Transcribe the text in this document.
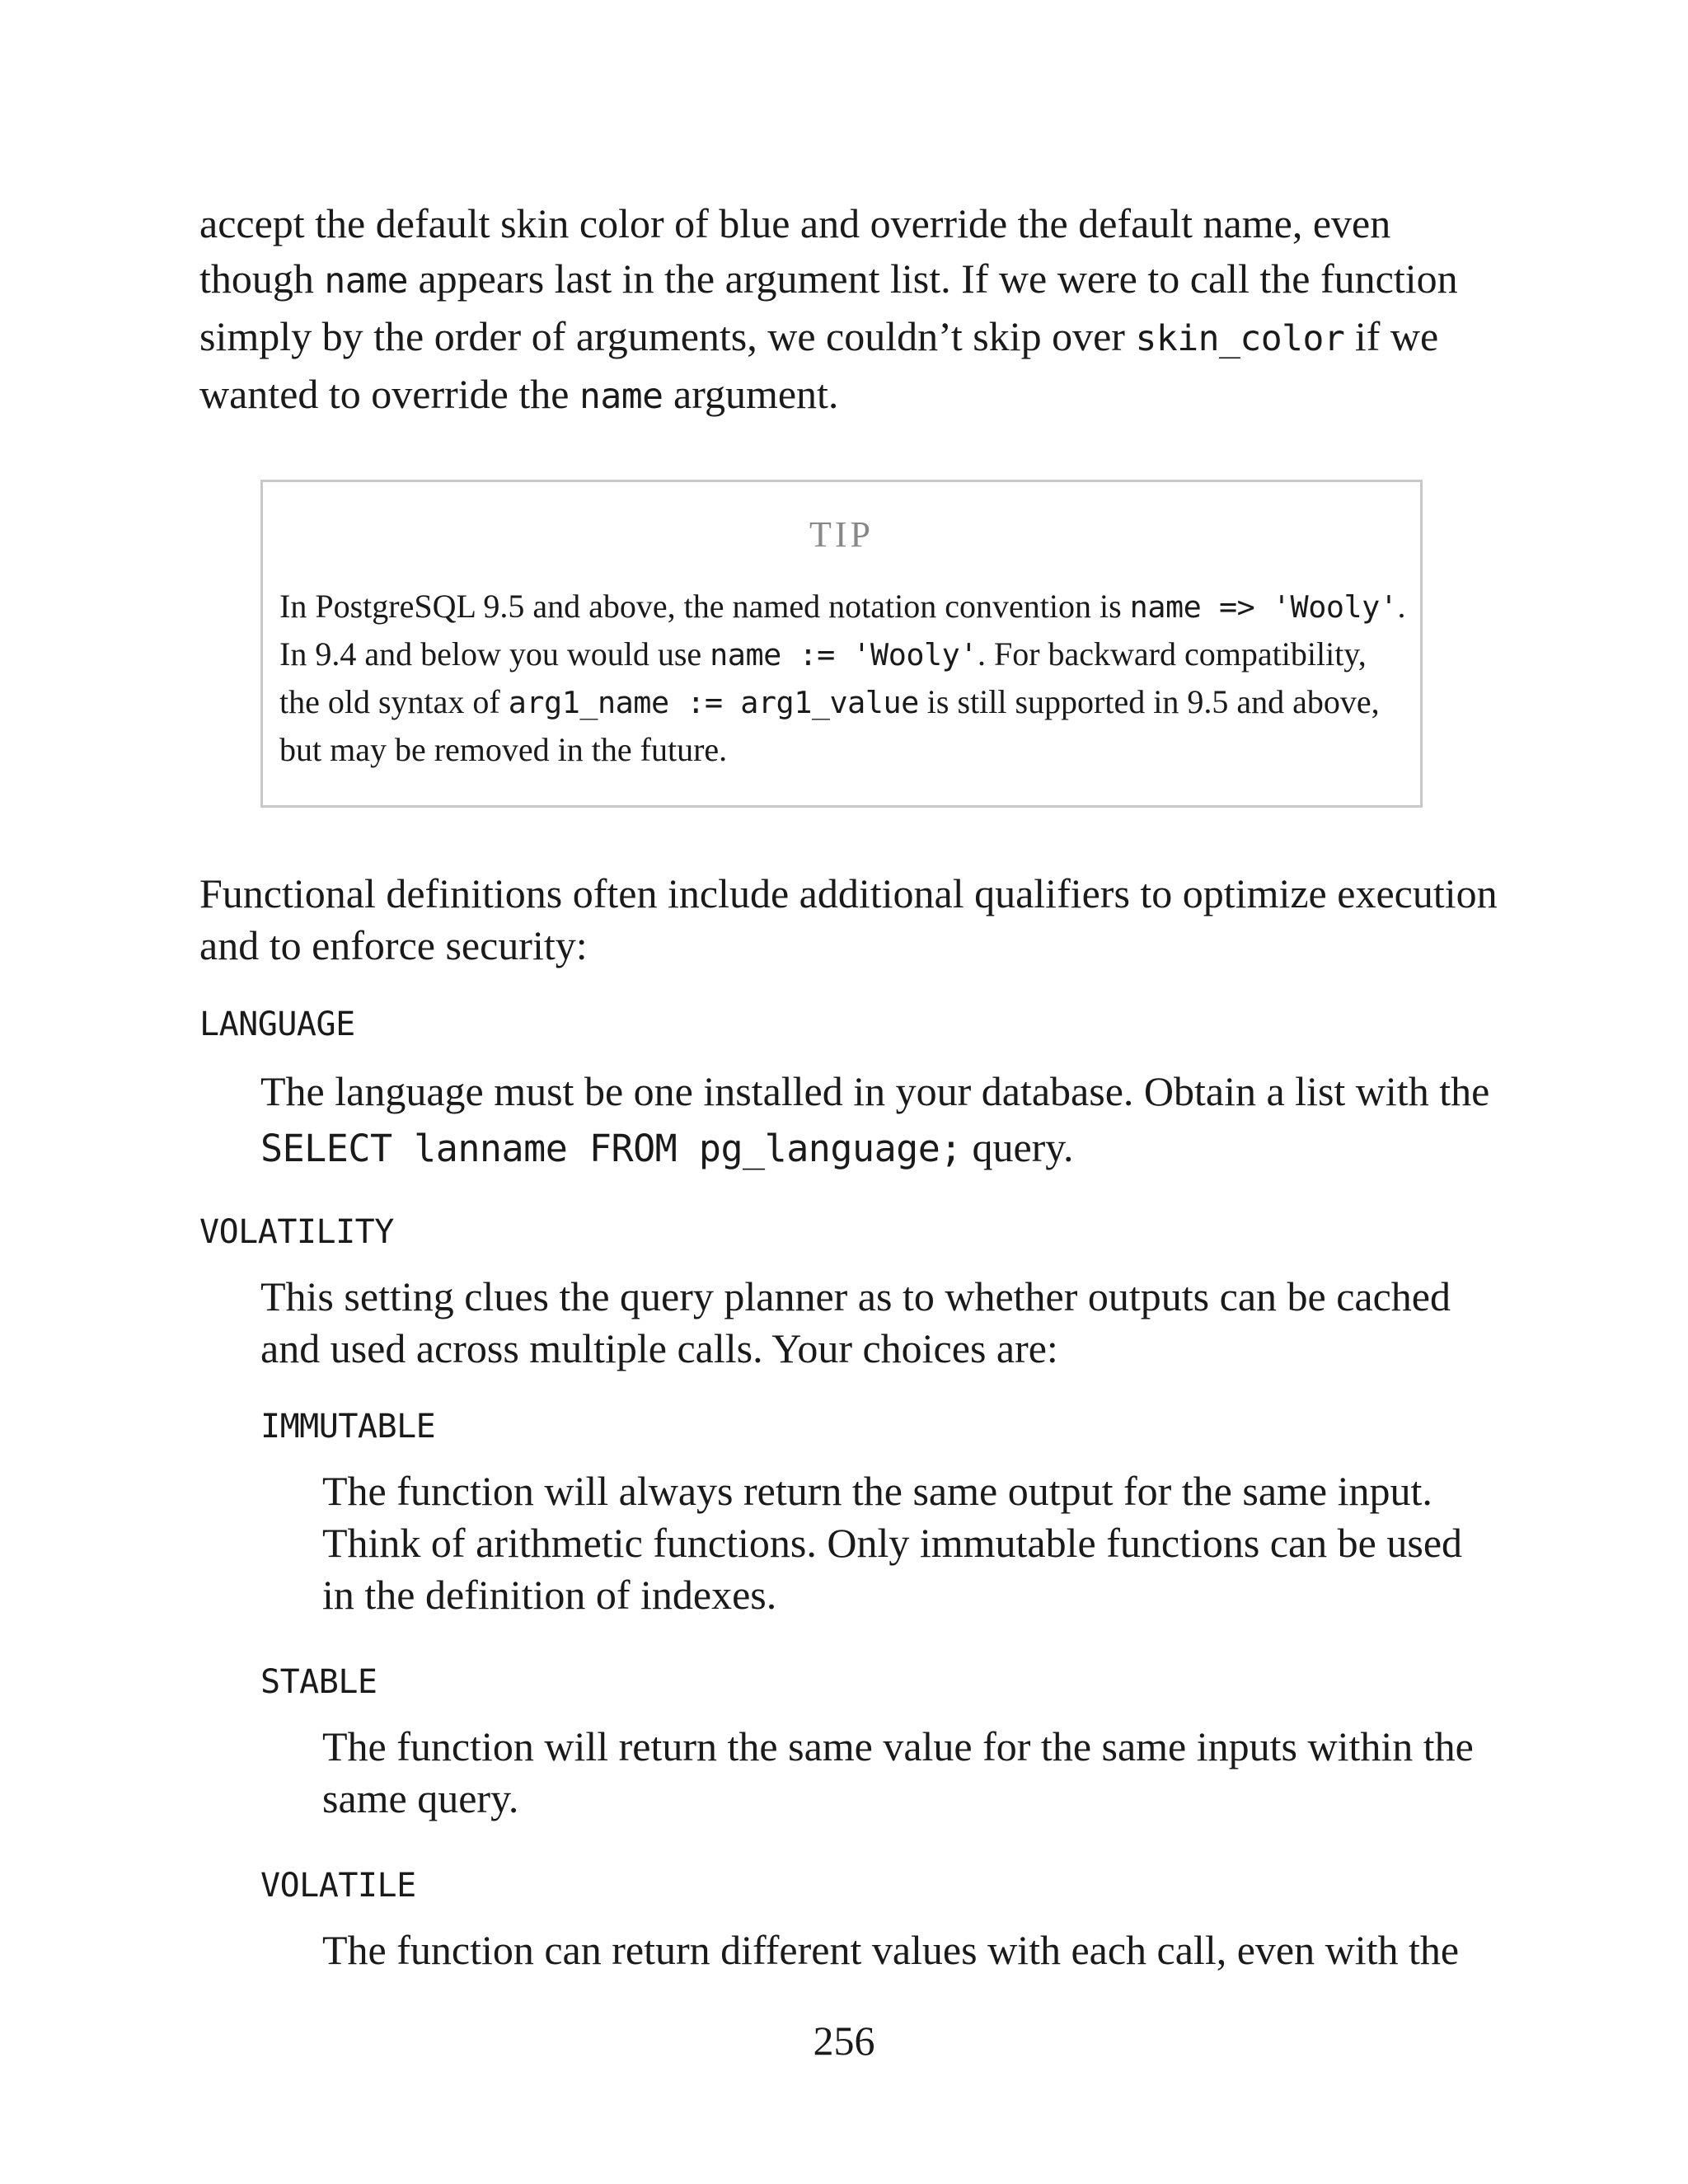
accept the default skin color of blue and override the default name, even though name appears last in the argument list. If we were to call the function simply by the order of arguments, we couldn’t skip over skin_color if we wanted to override the name argument.

TIP

In PostgreSQL 9.5 and above, the named notation convention is name => 'Wooly'. In 9.4 and below you would use name := 'Wooly'. For backward compatibility, the old syntax of arg1_name := arg1_value is still supported in 9.5 and above, but may be removed in the future.

Functional definitions often include additional qualifiers to optimize execution and to enforce security:

LANGUAGE

The language must be one installed in your database. Obtain a list with the SELECT lanname FROM pg_language; query.

VOLATILITY

This setting clues the query planner as to whether outputs can be cached and used across multiple calls. Your choices are:

IMMUTABLE

The function will always return the same output for the same input. Think of arithmetic functions. Only immutable functions can be used in the definition of indexes.

STABLE

The function will return the same value for the same inputs within the same query.

VOLATILE

The function can return different values with each call, even with the

256
